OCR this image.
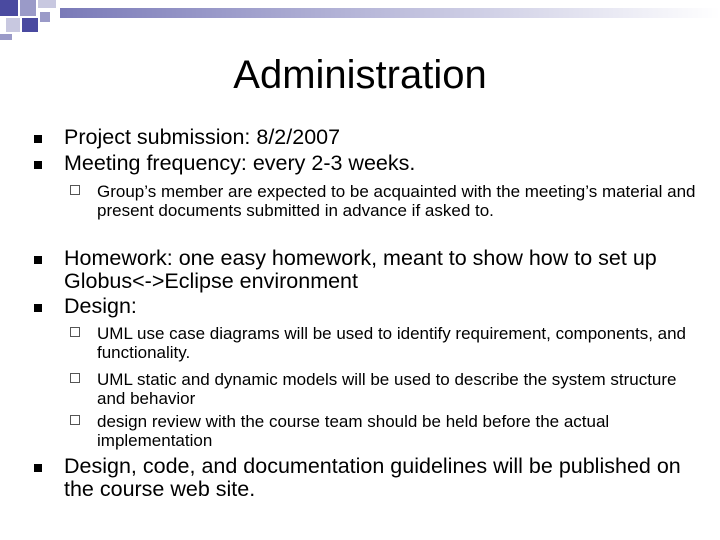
Administration
Project submission: 8/2/2007
Meeting frequency: every 2-3 weeks.
Group’s member are expected to be acquainted with the meeting’s material and present documents submitted in advance if asked to.
Homework: one easy homework, meant to show how to set up Globus<->Eclipse environment
Design:
UML use case diagrams will be used to identify requirement, components, and functionality.
UML static and dynamic models will be used to describe the system structure and behavior
design review with the course team should be held before the actual implementation
Design, code, and documentation guidelines will be published on the course web site.
